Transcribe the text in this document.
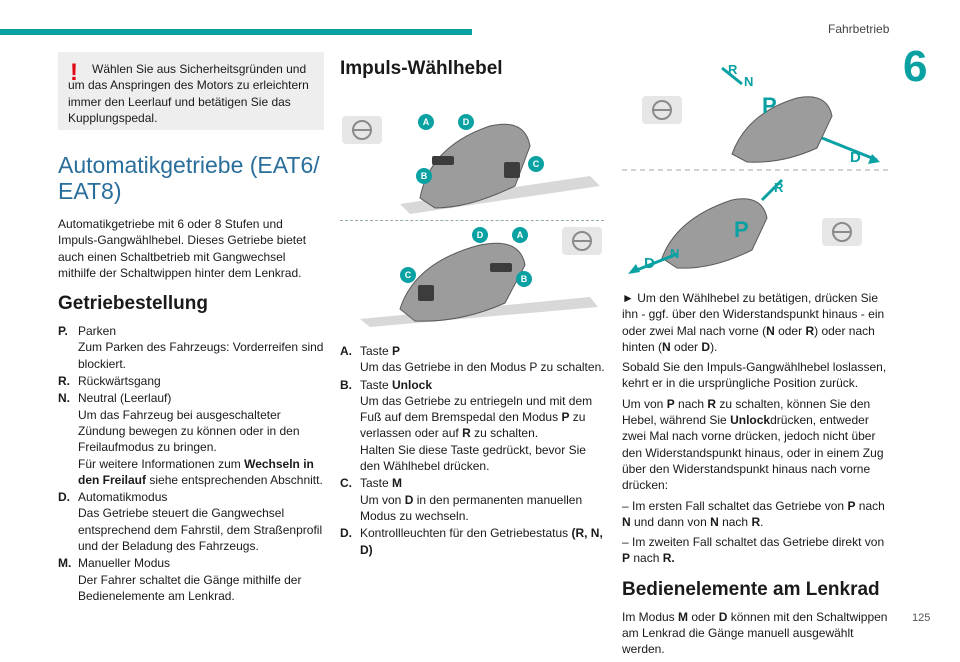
Fahrbetrieb
6
125
!	Wählen Sie aus Sicherheitsgründen und um das Anspringen des Motors zu erleichtern immer den Leerlauf und betätigen Sie das Kupplungspedal.
Automatikgetriebe (EAT6/
EAT8)

Automatikgetriebe mit 6 oder 8 Stufen und Impuls-Gangwählhebel. Dieses Getriebe bietet auch einen Schaltbetrieb mit Gangwechsel mithilfe der Schaltwippen hinter dem Lenkrad.

Getriebestellung
P. Parken
Zum Parken des Fahrzeugs: Vorderreifen sind blockiert.
R. Rückwärtsgang
N. Neutral (Leerlauf)
Um das Fahrzeug bei ausgeschalteter Zündung bewegen zu können oder in den Freilaufmodus zu bringen.
Für weitere Informationen zum Wechseln in den Freilauf siehe entsprechenden Abschnitt.
D. Automatikmodus
Das Getriebe steuert die Gangwechsel entsprechend dem Fahrstil, dem Straßenprofil und der Beladung des Fahrzeugs.
M. Manueller Modus
Der Fahrer schaltet die Gänge mithilfe der Bedienelemente am Lenkrad.
Impuls-Wählhebel
A	D
C
B
D	A
C	B
A. Taste P
Um das Getriebe in den Modus P zu schalten.
B. Taste Unlock
Um das Getriebe zu entriegeln und mit dem Fuß auf dem Bremspedal den Modus P zu verlassen oder auf R zu schalten.
Halten Sie diese Taste gedrückt, bevor Sie den Wählhebel drücken.
C. Taste M
Um von D in den permanenten manuellen Modus zu wechseln.
D. Kontrollleuchten für den Getriebestatus (R, N, D)
P
R
N
D
P
R
N
D

► Um den Wählhebel zu betätigen, drücken Sie ihn - ggf. über den Widerstandspunkt hinaus - ein oder zwei Mal nach vorne (N oder R) oder nach hinten (N oder D).

Sobald Sie den Impuls-Gangwählhebel loslassen, kehrt er in die ursprüngliche Position zurück.

Um von P nach R zu schalten, können Sie den Hebel, während Sie Unlockdrücken, entweder zwei Mal nach vorne drücken, jedoch nicht über den Widerstandspunkt hinaus, oder in einem Zug über den Widerstandspunkt hinaus nach vorne drücken:

– Im ersten Fall schaltet das Getriebe von P nach N und dann von N nach R.

– Im zweiten Fall schaltet das Getriebe direkt von P nach R.

Bedienelemente am Lenkrad

Im Modus M oder D können mit den Schaltwippen am Lenkrad die Gänge manuell ausgewählt werden.
